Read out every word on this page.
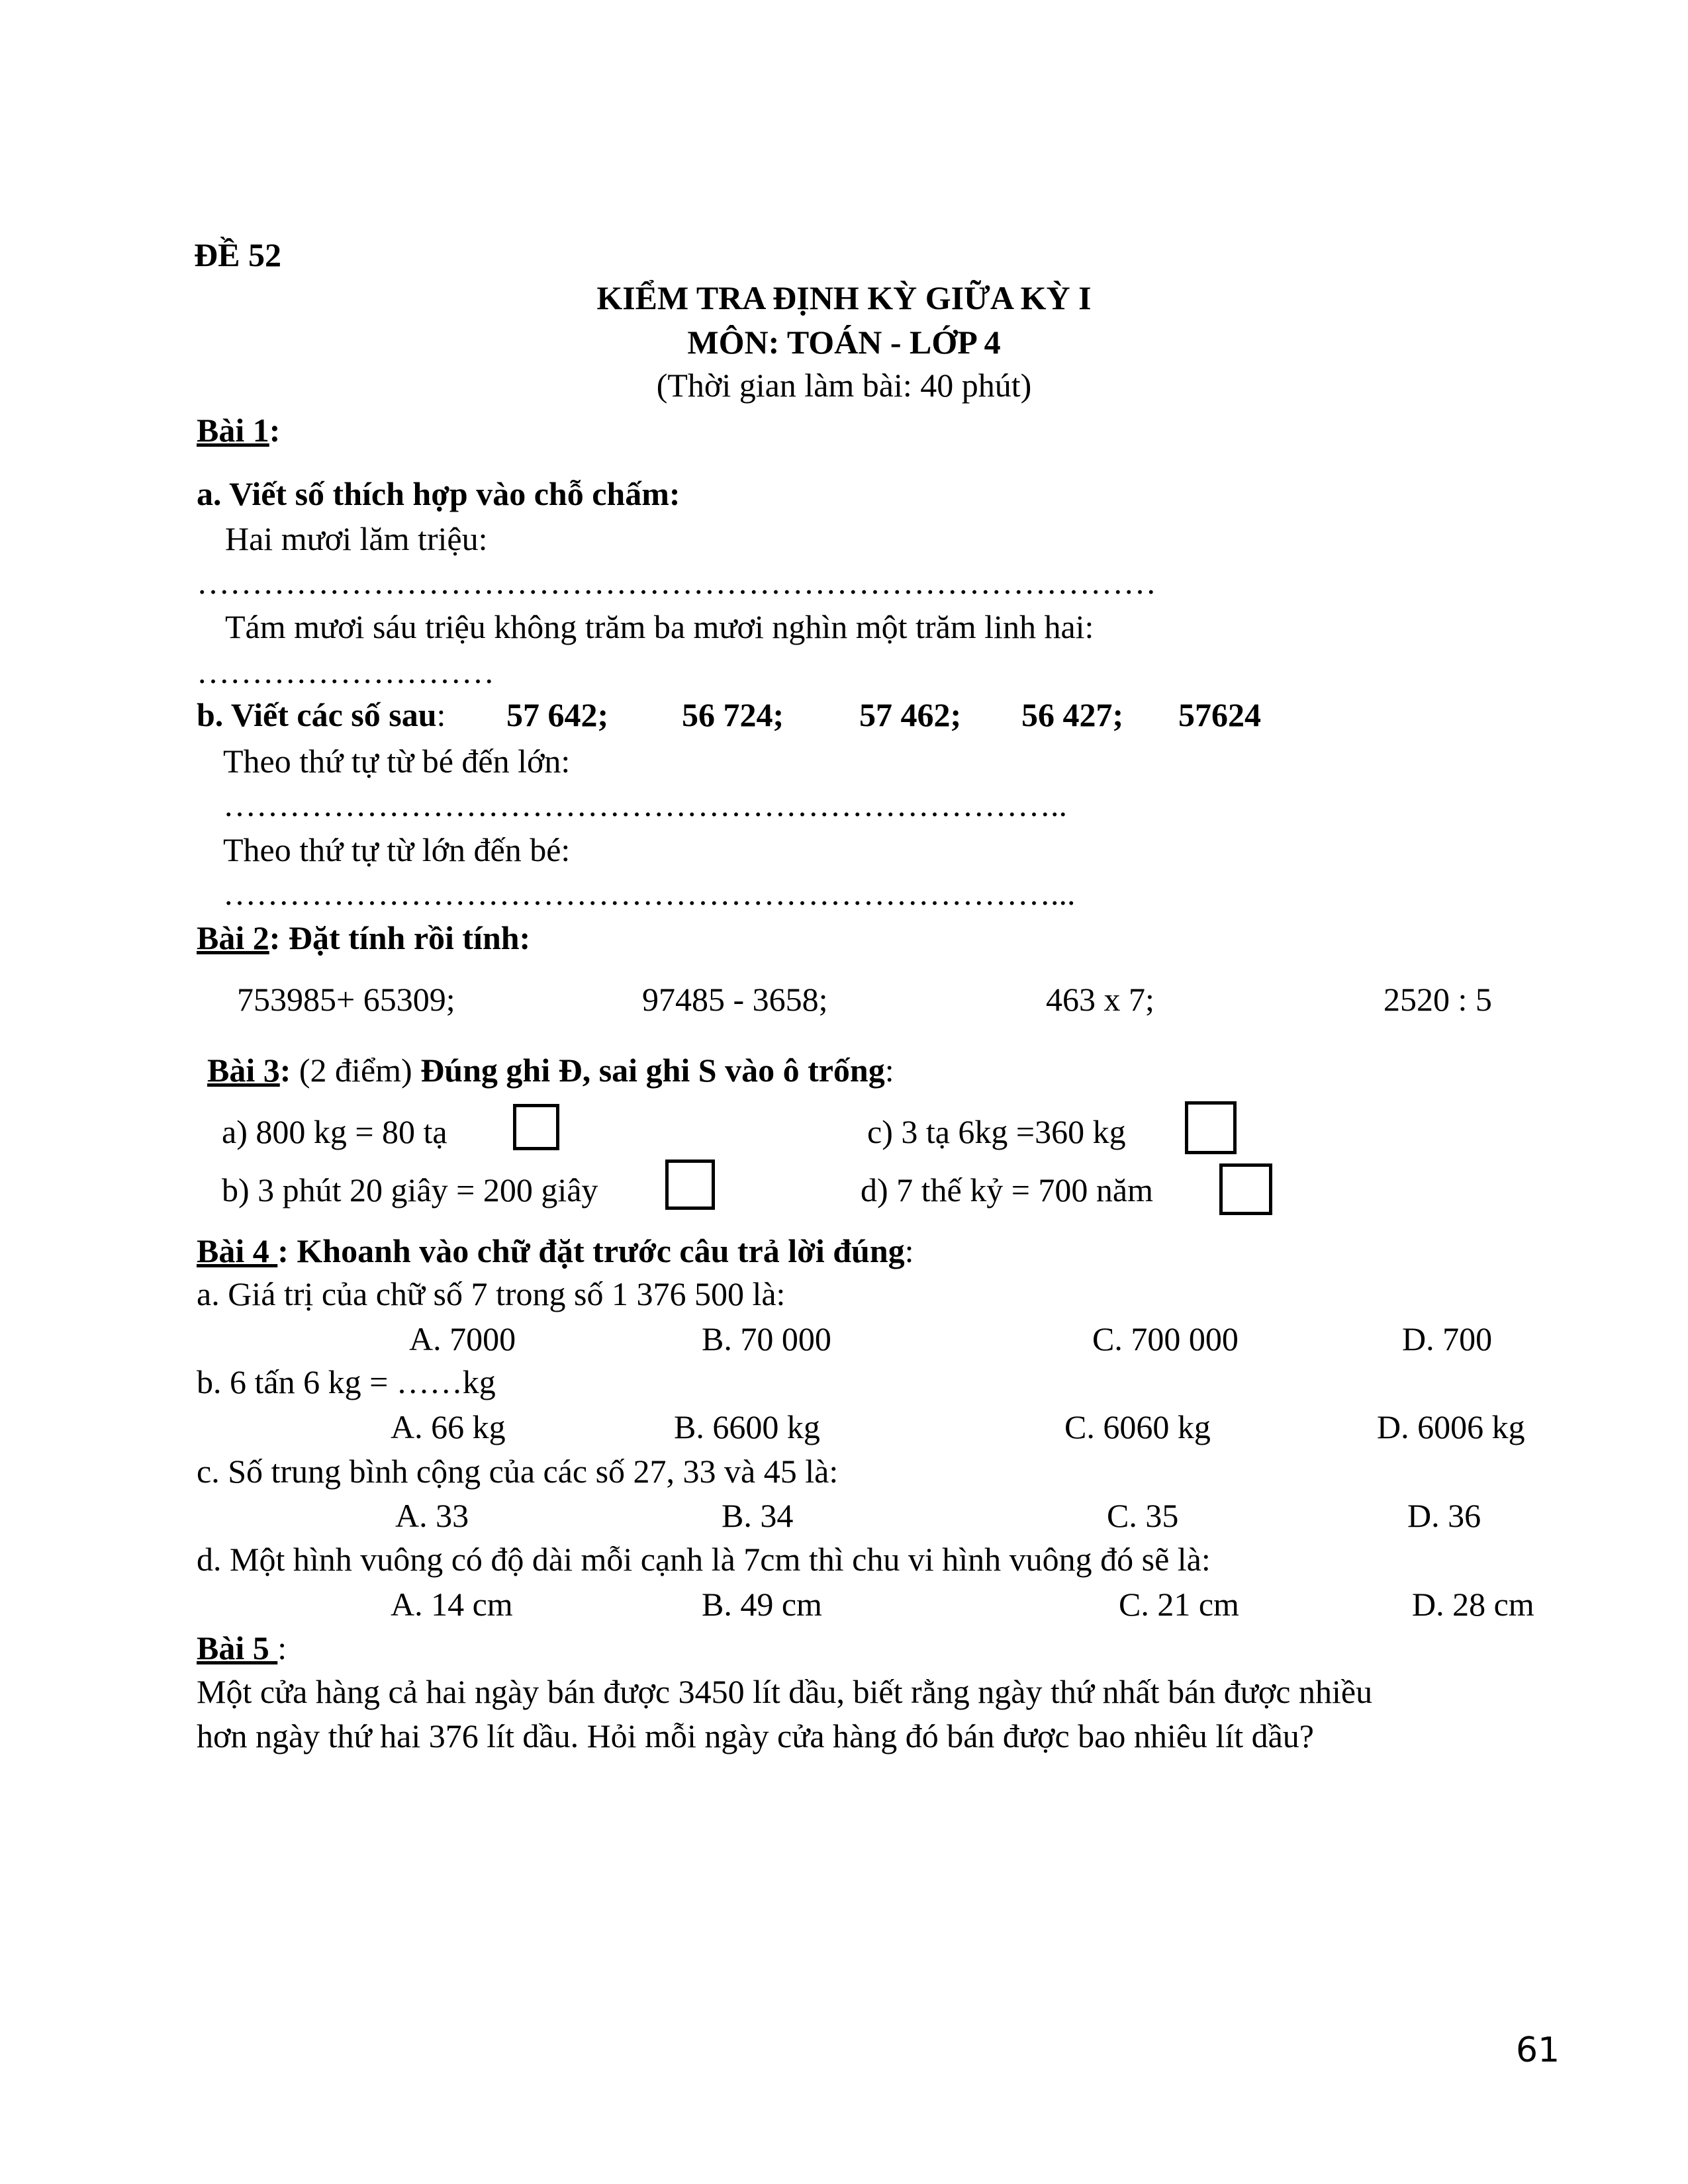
ĐỀ 52
KIỂM TRA ĐỊNH KỲ GIỮA KỲ I
MÔN: TOÁN - LỚP 4
(Thời gian làm bài: 40 phút)
Bài 1:
a. Viết số thích hợp vào chỗ chấm:
Hai mươi lăm triệu:
……………………………………………………………………………
Tám mươi sáu triệu không trăm ba mươi nghìn một trăm linh hai:
………………………
b. Viết các số sau: 57 642; 56 724; 57 462; 56 427; 57624
Theo thứ tự từ bé đến lớn:
…………………………………………………………………..
Theo thứ tự từ lớn đến bé:
…………………………………………………………………...
Bài 2: Đặt tính rồi tính:
753985+ 65309;	97485 - 3658;	463 x 7;	2520 : 5
Bài 3: (2 điểm) Đúng ghi Đ, sai ghi S vào ô trống:
a) 800 kg = 80 tạ	c) 3 tạ 6kg =360 kg
b) 3 phút 20 giây = 200 giây	d) 7 thế kỷ = 700 năm
Bài 4 : Khoanh vào chữ đặt trước câu trả lời đúng:
a. Giá trị của chữ số 7 trong số 1 376 500 là:
A. 7000	B. 70 000	C. 700 000	D. 700
b. 6 tấn 6 kg = ……kg
A. 66 kg	B. 6600 kg	C. 6060 kg	D. 6006 kg
c. Số trung bình cộng của các số 27, 33 và 45 là:
A. 33	B. 34	C. 35	D. 36
d. Một hình vuông có độ dài mỗi cạnh là 7cm thì chu vi hình vuông đó sẽ là:
A. 14 cm	B. 49 cm	C. 21 cm	D. 28 cm
Bài 5 :
Một cửa hàng cả hai ngày bán được 3450 lít dầu, biết rằng ngày thứ nhất bán được nhiều
hơn ngày thứ hai 376 lít dầu. Hỏi mỗi ngày cửa hàng đó bán được bao nhiêu lít dầu?
61
